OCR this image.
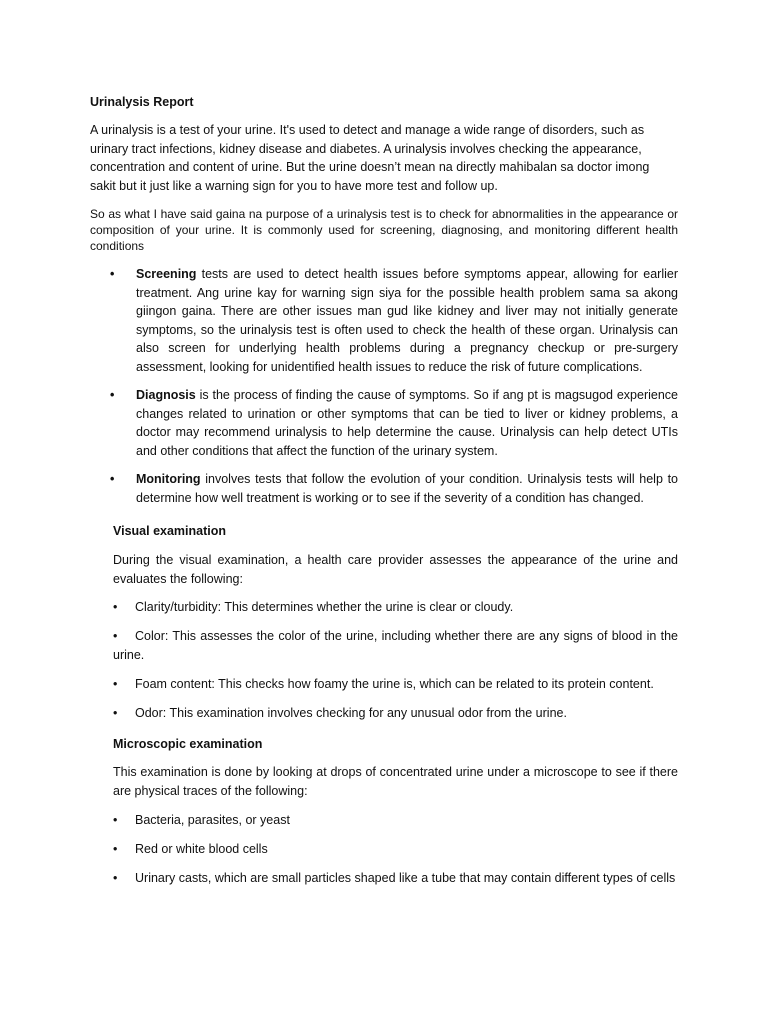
Urinalysis Report
A urinalysis is a test of your urine. It's used to detect and manage a wide range of disorders, such as urinary tract infections, kidney disease and diabetes. A urinalysis involves checking the appearance, concentration and content of urine. But the urine doesn’t mean na directly mahibalan sa doctor imong sakit but it just like a warning sign for you to have more test and follow up.
So as what I have said gaina na purpose of a urinalysis test is to check for abnormalities in the appearance or composition of your urine. It is commonly used for screening, diagnosing, and monitoring different health conditions
• Screening tests are used to detect health issues before symptoms appear, allowing for earlier treatment. Ang urine kay for warning sign siya for the possible health problem sama sa akong giingon gaina. There are other issues man gud like kidney and liver may not initially generate symptoms, so the urinalysis test is often used to check the health of these organ. Urinalysis can also screen for underlying health problems during a pregnancy checkup or pre-surgery assessment, looking for unidentified health issues to reduce the risk of future complications.
• Diagnosis is the process of finding the cause of symptoms. So if ang pt is magsugod experience changes related to urination or other symptoms that can be tied to liver or kidney problems, a doctor may recommend urinalysis to help determine the cause. Urinalysis can help detect UTIs and other conditions that affect the function of the urinary system.
• Monitoring involves tests that follow the evolution of your condition. Urinalysis tests will help to determine how well treatment is working or to see if the severity of a condition has changed.
Visual examination
During the visual examination, a health care provider assesses the appearance of the urine and evaluates the following:
• Clarity/turbidity: This determines whether the urine is clear or cloudy.
• Color: This assesses the color of the urine, including whether there are any signs of blood in the urine.
• Foam content: This checks how foamy the urine is, which can be related to its protein content.
• Odor: This examination involves checking for any unusual odor from the urine.
Microscopic examination
This examination is done by looking at drops of concentrated urine under a microscope to see if there are physical traces of the following:
• Bacteria, parasites, or yeast
• Red or white blood cells
• Urinary casts, which are small particles shaped like a tube that may contain different types of cells
